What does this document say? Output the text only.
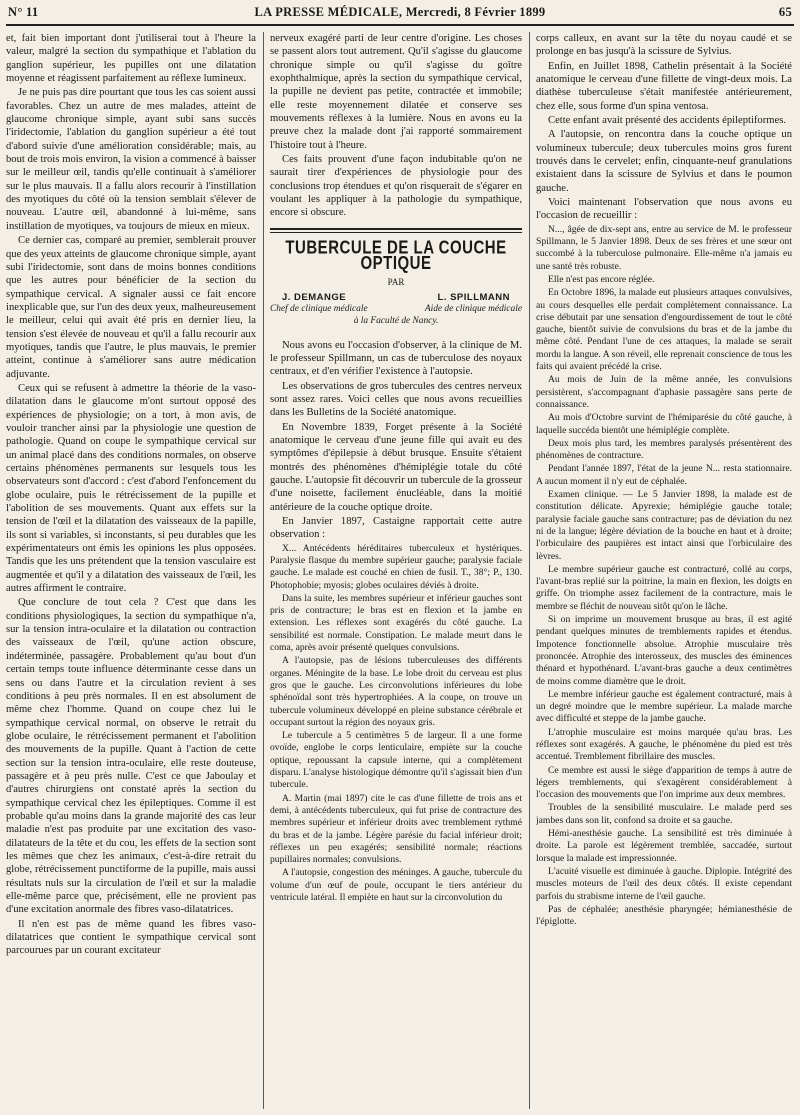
N° 11	LA PRESSE MÉDICALE, Mercredi, 8 Février 1899	65

et, fait bien important dont j'utiliserai tout à l'heure la valeur, malgré la section du sympathique et l'ablation du ganglion supérieur, les pupilles ont une dilatation moyenne et réagissent parfaitement au réflexe lumineux.

Je ne puis pas dire pourtant que tous les cas soient aussi favorables. Chez un autre de mes malades, atteint de glaucome chronique simple, ayant subi sans succès l'iridectomie, l'ablation du ganglion supérieur a été tout d'abord suivie d'une amélioration considérable; mais, au bout de trois mois environ, la vision a commencé à baisser sur le meilleur œil, tandis qu'elle continuait à s'améliorer sur le plus mauvais. Il a fallu alors recourir à l'instillation des myotiques du côté où la tension semblait s'élever de nouveau. L'autre œil, abandonné à lui-même, sans instillation de myotiques, va toujours de mieux en mieux.

Ce dernier cas, comparé au premier, semblerait prouver que des yeux atteints de glaucome chronique simple, ayant subi l'iridectomie, sont dans de moins bonnes conditions que les autres pour bénéficier de la section du sympathique cervical. A signaler aussi ce fait encore inexplicable que, sur l'un des deux yeux, malheureusement le meilleur, celui qui avait été pris en dernier lieu, la tension s'est élevée de nouveau et qu'il a fallu recourir aux myotiques, tandis que l'autre, le plus mauvais, le premier atteint, continue à s'améliorer sans autre médication adjuvante.

Ceux qui se refusent à admettre la théorie de la vaso-dilatation dans le glaucome m'ont surtout opposé des expériences de physiologie; on a tort, à mon avis, de vouloir trancher ainsi par la physiologie une question de pathologie. Quand on coupe le sympathique cervical sur un animal placé dans des conditions normales, on observe certains phénomènes permanents sur lesquels tous les observateurs sont d'accord : c'est d'abord l'enfoncement du globe oculaire, puis le rétrécissement de la pupille et l'abolition de ses mouvements. Quant aux effets sur la tension de l'œil et la dilatation des vaisseaux de la papille, ils sont si variables, si inconstants, si peu durables que les expérimentateurs ont émis les opinions les plus opposées. Tandis que les uns prétendent que la tension vasculaire est augmentée et qu'il y a dilatation des vaisseaux de l'œil, les autres affirment le contraire.

Que conclure de tout cela ? C'est que dans les conditions physiologiques, la section du sympathique n'a, sur la tension intra-oculaire et la dilatation ou contraction des vaisseaux de l'œil, qu'une action obscure, indéterminée, passagère. Probablement qu'au bout d'un certain temps toute influence déterminante cesse dans un sens ou dans l'autre et la circulation revient à ses conditions à peu près normales. Il en est absolument de même chez l'homme. Quand on coupe chez lui le sympathique cervical normal, on observe le retrait du globe oculaire, le rétrécissement permanent et l'abolition des mouvements de la pupille. Quant à l'action de cette section sur la tension intra-oculaire, elle reste douteuse, passagère et à peu près nulle. C'est ce que Jaboulay et d'autres chirurgiens ont constaté après la section du sympathique cervical chez les épileptiques. Comme il est probable qu'au moins dans la grande majorité des cas leur maladie n'est pas produite par une excitation des vaso-dilatateurs de la tête et du cou, les effets de la section sont les mêmes que chez les animaux, c'est-à-dire retrait du globe, rétrécissement punctiforme de la pupille, mais aussi résultats nuls sur la circulation de l'œil et sur la maladie elle-même parce que, précisément, elle ne provient pas d'une excitation anormale des fibres vaso-dilatatrices.

Il n'en est pas de même quand les fibres vaso-dilatatrices que contient le sympathique cervical sont parcourues par un courant excitateur

nerveux exagéré parti de leur centre d'origine. Les choses se passent alors tout autrement. Qu'il s'agisse du glaucome chronique simple ou qu'il s'agisse du goître exophthalmique, après la section du sympathique cervical, la pupille ne devient pas petite, contractée et immobile; elle reste moyennement dilatée et conserve ses mouvements réflexes à la lumière. Nous en avons eu la preuve chez la malade dont j'ai rapporté sommairement l'histoire tout à l'heure.

Ces faits prouvent d'une façon indubitable qu'on ne saurait tirer d'expériences de physiologie pour des conclusions trop étendues et qu'on risquerait de s'égarer en voulant les appliquer à la pathologie du sympathique, encore si obscure.

TUBERCULE DE LA COUCHE OPTIQUE
PAR
J. DEMANGE	L. SPILLMANN
Chef de clinique médicale	Aide de clinique médicale
à la Faculté de Nancy.

Nous avons eu l'occasion d'observer, à la clinique de M. le professeur Spillmann, un cas de tuberculose des noyaux centraux, et d'en vérifier l'existence à l'autopsie.

Les observations de gros tubercules des centres nerveux sont assez rares. Voici celles que nous avons recueillies dans les Bulletins de la Société anatomique.

En Novembre 1839, Forget présente à la Société anatomique le cerveau d'une jeune fille qui avait eu des symptômes d'épilepsie à début brusque. Ensuite s'étaient montrés des phénomènes d'hémiplégie totale du côté gauche. L'autopsie fit découvrir un tubercule de la grosseur d'une noisette, facilement énucléable, dans la moitié antérieure de la couche optique droite.

En Janvier 1897, Castaigne rapportait cette autre observation :

X... Antécédents héréditaires tuberculeux et hystériques. Paralysie flasque du membre supérieur gauche; paralysie faciale gauche. Le malade est couché en chien de fusil. T., 38°; P., 130. Photophobie; myosis; globes oculaires déviés à droite.

Dans la suite, les membres supérieur et inférieur gauches sont pris de contracture; le bras est en flexion et la jambe en extension. Les réflexes sont exagérés du côté gauche. La sensibilité est normale. Constipation. Le malade meurt dans le coma, après avoir présenté quelques convulsions.

A l'autopsie, pas de lésions tuberculeuses des différents organes. Méningite de la base. Le lobe droit du cerveau est plus gros que le gauche. Les circonvolutions inférieures du lobe sphénoïdal sont très hypertrophiées. A la coupe, on trouve un tubercule volumineux développé en pleine substance cérébrale et occupant surtout la région des noyaux gris.

Le tubercule a 5 centimètres 5 de largeur. Il a une forme ovoïde, englobe le corps lenticulaire, empiète sur la couche optique, repoussant la capsule interne, qui a complètement disparu. L'analyse histologique démontre qu'il s'agissait bien d'un tubercule.

A. Martin (mai 1897) cite le cas d'une fillette de trois ans et demi, à antécédents tuberculeux, qui fut prise de contracture des membres supérieur et inférieur droits avec tremblement rythmé du bras et de la jambe. Légère parésie du facial inférieur droit; réflexes un peu exagérés; sensibilité normale; réactions pupillaires normales; convulsions.

A l'autopsie, congestion des méninges. A gauche, tubercule du volume d'un œuf de poule, occupant le tiers antérieur du ventricule latéral. Il empiète en haut sur la circonvolution du

corps calleux, en avant sur la tête du noyau caudé et se prolonge en bas jusqu'à la scissure de Sylvius.

Enfin, en Juillet 1898, Cathelin présentait à la Société anatomique le cerveau d'une fillette de vingt-deux mois. La diathèse tuberculeuse s'était manifestée antérieurement, chez elle, sous forme d'un spina ventosa.

Cette enfant avait présenté des accidents épileptiformes.

A l'autopsie, on rencontra dans la couche optique un volumineux tubercule; deux tubercules moins gros furent trouvés dans le cervelet; enfin, cinquante-neuf granulations existaient dans la scissure de Sylvius et dans le poumon gauche.

Voici maintenant l'observation que nous avons eu l'occasion de recueillir :

N..., âgée de dix-sept ans, entre au service de M. le professeur Spillmann, le 5 Janvier 1898. Deux de ses frères et une sœur ont succombé à la tuberculose pulmonaire. Elle-même n'a jamais eu une santé très robuste.

Elle n'est pas encore réglée.

En Octobre 1896, la malade eut plusieurs attaques convulsives, au cours desquelles elle perdait complètement connaissance. La crise débutait par une sensation d'engourdissement de tout le côté gauche, bientôt suivie de convulsions du bras et de la jambe du même côté. Pendant l'une de ces attaques, la malade se serait mordu la langue. A son réveil, elle reprenait conscience de tous les faits qui avaient précédé la crise.

Au mois de Juin de la même année, les convulsions persistèrent, s'accompagnant d'aphasie passagère sans perte de connaissance.

Au mois d'Octobre survint de l'hémiparésie du côté gauche, à laquelle succéda bientôt une hémiplégie complète.

Deux mois plus tard, les membres paralysés présentèrent des phénomènes de contracture.

Pendant l'année 1897, l'état de la jeune N... resta stationnaire. A aucun moment il n'y eut de céphalée.

Examen clinique. — Le 5 Janvier 1898, la malade est de constitution délicate. Apyrexie; hémiplégie gauche totale; paralysie faciale gauche sans contracture; pas de déviation du nez ni de la langue; légère déviation de la bouche en haut et à droite; l'orbiculaire des paupières est intact ainsi que l'orbiculaire des lèvres.

Le membre supérieur gauche est contracturé, collé au corps, l'avant-bras replié sur la poitrine, la main en flexion, les doigts en griffe. On triomphe assez facilement de la contracture, mais le membre se fléchit de nouveau sitôt qu'on le lâche.

Si on imprime un mouvement brusque au bras, il est agité pendant quelques minutes de tremblements rapides et étendus. Impotence fonctionnelle absolue. Atrophie musculaire très prononcée. Atrophie des interosseux, des muscles des éminences thénard et hypothénard. L'avant-bras gauche a deux centimètres de moins comme diamètre que le droit.

Le membre inférieur gauche est également contracturé, mais à un degré moindre que le membre supérieur. La malade marche avec difficulté et steppe de la jambe gauche.

L'atrophie musculaire est moins marquée qu'au bras. Les réflexes sont exagérés. A gauche, le phénomène du pied est très accentué. Tremblement fibrillaire des muscles.

Ce membre est aussi le siège d'apparition de temps à autre de légers tremblements, qui s'exagèrent considérablement à l'occasion des mouvements que l'on imprime aux deux membres.

Troubles de la sensibilité musculaire. Le malade perd ses jambes dans son lit, confond sa droite et sa gauche.

Hémi-anesthésie gauche. La sensibilité est très diminuée à droite. La parole est légèrement tremblée, saccadée, surtout lorsque la malade est impressionnée.

L'acuité visuelle est diminuée à gauche. Diplopie. Intégrité des muscles moteurs de l'œil des deux côtés. Il existe cependant parfois du strabisme interne de l'œil gauche.

Pas de céphalée; anesthésie pharyngée; hémianesthésie de l'épiglotte.
